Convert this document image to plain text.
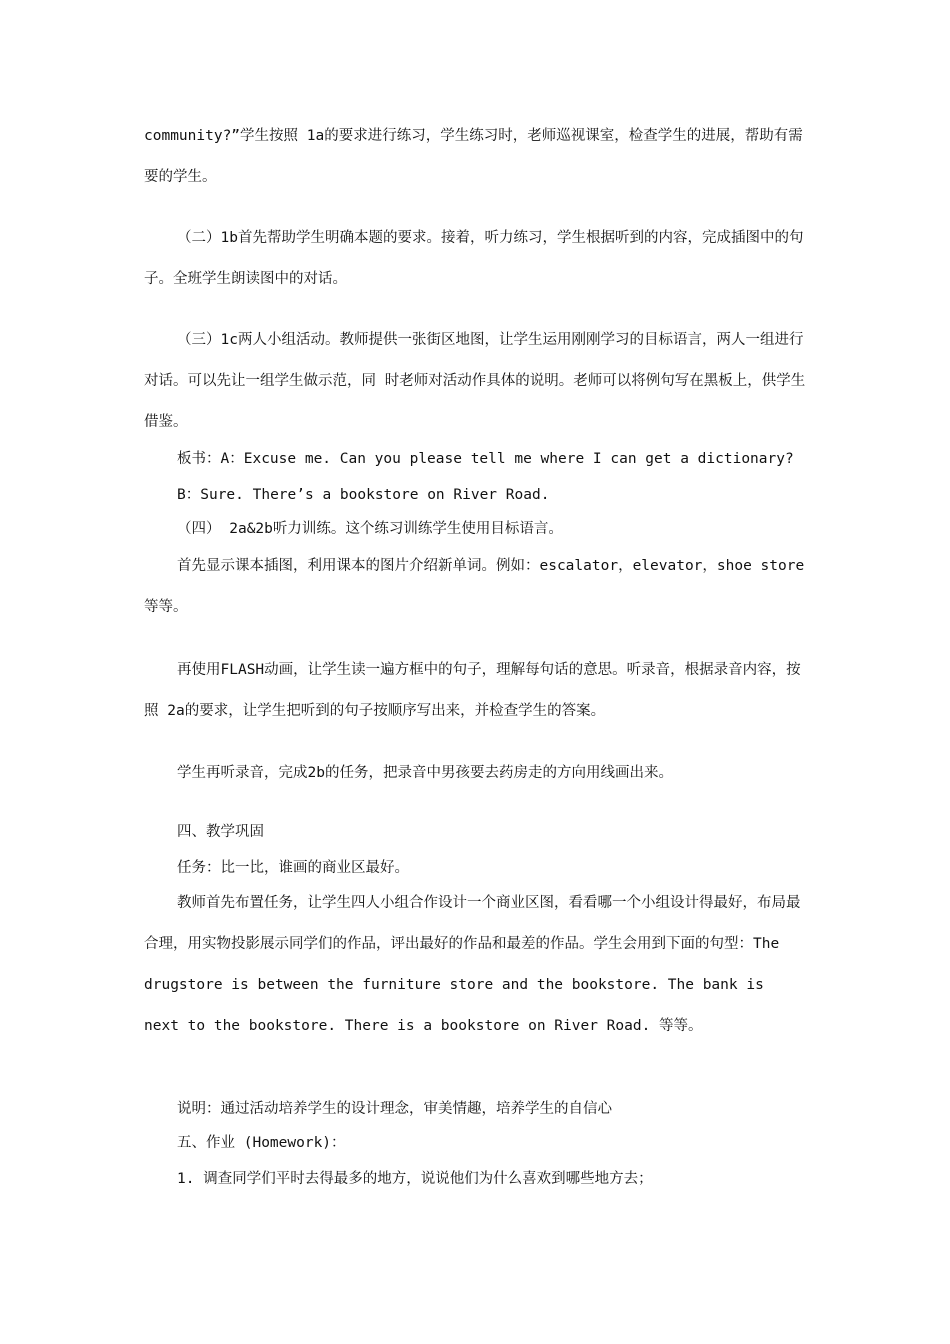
community?”学生按照 1a的要求进行练习，学生练习时，老师巡视课室，检查学生的进展，帮助有需要的学生。

（二）1b首先帮助学生明确本题的要求。接着，听力练习，学生根据听到的内容，完成插图中的句子。全班学生朗读图中的对话。

（三）1c两人小组活动。教师提供一张街区地图，让学生运用刚刚学习的目标语言，两人一组进行对话。可以先让一组学生做示范，同 时老师对活动作具体的说明。老师可以将例句写在黑板上，供学生借鉴。

板书：A：Excuse me. Can you please tell me where I can get a dictionary?

B：Sure. There’s a bookstore on River Road.

（四） 2a&2b听力训练。这个练习训练学生使用目标语言。

首先显示课本插图，利用课本的图片介绍新单词。例如：escalator，elevator，shoe store等等。

再使用FLASH动画，让学生读一遍方框中的句子，理解每句话的意思。听录音，根据录音内容，按照 2a的要求，让学生把听到的句子按顺序写出来，并检查学生的答案。

学生再听录音，完成2b的任务，把录音中男孩要去药房走的方向用线画出来。

四、教学巩固

任务：比一比，谁画的商业区最好。

教师首先布置任务，让学生四人小组合作设计一个商业区图，看看哪一个小组设计得最好，布局最合理，用实物投影展示同学们的作品，评出最好的作品和最差的作品。学生会用到下面的句型：The drugstore is between the furniture store and the bookstore. The bank is next to the bookstore. There is a bookstore on River Road. 等等。

说明：通过活动培养学生的设计理念，审美情趣，培养学生的自信心

五、作业 (Homework)：

1. 调查同学们平时去得最多的地方，说说他们为什么喜欢到哪些地方去；
